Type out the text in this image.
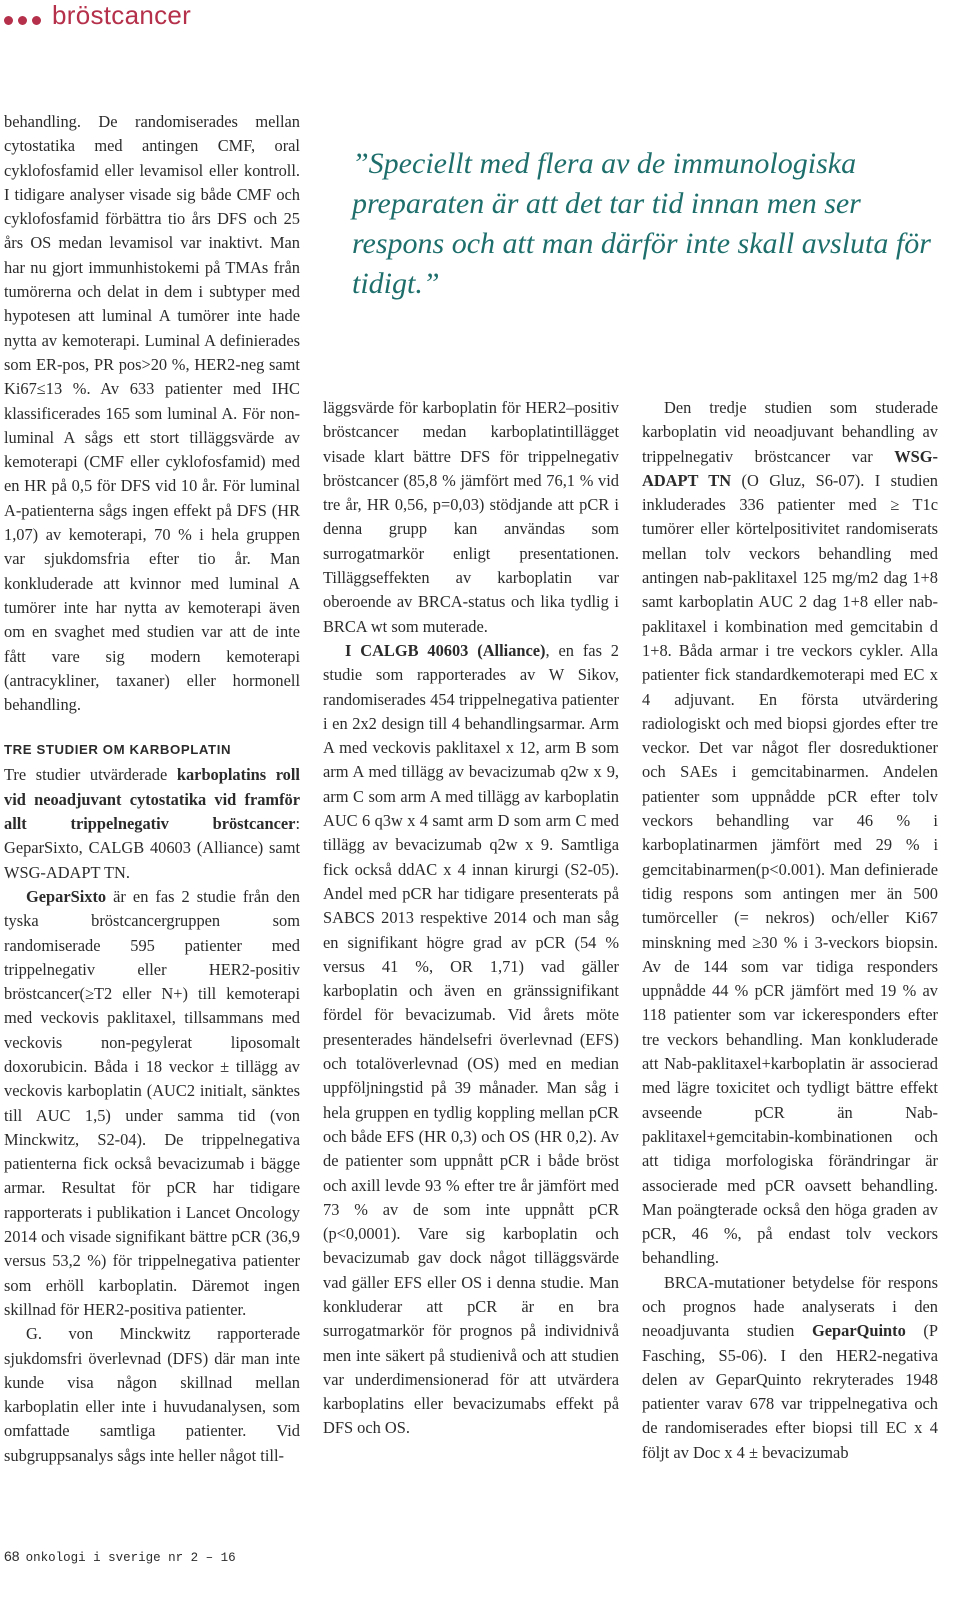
bröstcancer

behandling. De randomiserades mellan cytostatika med antingen CMF, oral cyklofosfamid eller levamisol eller kontroll. I tidigare analyser visade sig både CMF och cyklofosfamid förbättra tio års DFS och 25 års OS medan levamisol var inaktivt. Man har nu gjort immunhistokemi på TMAs från tumörerna och delat in dem i subtyper med hypotesen att luminal A tumörer inte hade nytta av kemoterapi. Luminal A definierades som ER-pos, PR pos>20 %, HER2-neg samt Ki67≤13 %. Av 633 patienter med IHC klassificerades 165 som luminal A. För non-luminal A sågs ett stort tilläggsvärde av kemoterapi (CMF eller cyklofosfamid) med en HR på 0,5 för DFS vid 10 år. För luminal A-patienterna sågs ingen effekt på DFS (HR 1,07) av kemoterapi, 70 % i hela gruppen var sjukdomsfria efter tio år. Man konkluderade att kvinnor med luminal A tumörer inte har nytta av kemoterapi även om en svaghet med studien var att de inte fått vare sig modern kemoterapi (antracykliner, taxaner) eller hormonell behandling.

TRE STUDIER OM KARBOPLATIN

Tre studier utvärderade karboplatins roll vid neoadjuvant cytostatika vid framför allt trippelnegativ bröstcancer: GeparSixto, CALGB 40603 (Alliance) samt WSG-ADAPT TN.

GeparSixto är en fas 2 studie från den tyska bröstcancergruppen som randomiserade 595 patienter med trippelnegativ eller HER2-positiv bröstcancer(≥T2 eller N+) till kemoterapi med veckovis paklitaxel, tillsammans med veckovis non-pegylerat liposomalt doxorubicin. Båda i 18 veckor ± tillägg av veckovis karboplatin (AUC2 initialt, sänktes till AUC 1,5) under samma tid (von Minckwitz, S2-04). De trippelnegativa patienterna fick också bevacizumab i bägge armar. Resultat för pCR har tidigare rapporterats i publikation i Lancet Oncology 2014 och visade signifikant bättre pCR (36,9 versus 53,2 %) för trippelnegativa patienter som erhöll karboplatin. Däremot ingen skillnad för HER2-positiva patienter.

G. von Minckwitz rapporterade sjukdomsfri överlevnad (DFS) där man inte kunde visa någon skillnad mellan karboplatin eller inte i huvudanalysen, som omfattade samtliga patienter. Vid subgruppsanalys sågs inte heller något till-

”Speciellt med flera av de immunologiska preparaten är att det tar tid innan men ser respons och att man därför inte skall avsluta för tidigt.”

läggsvärde för karboplatin för HER2–positiv bröstcancer medan karboplatintillägget visade klart bättre DFS för trippelnegativ bröstcancer (85,8 % jämfört med 76,1 % vid tre år, HR 0,56, p=0,03) stödjande att pCR i denna grupp kan användas som surrogatmarkör enligt presentationen. Tilläggseffekten av karboplatin var oberoende av BRCA-status och lika tydlig i BRCA wt som muterade.

I CALGB 40603 (Alliance), en fas 2 studie som rapporterades av W Sikov, randomiserades 454 trippelnegativa patienter i en 2x2 design till 4 behandlingsarmar. Arm A med veckovis paklitaxel x 12, arm B som arm A med tillägg av bevacizumab q2w x 9, arm C som arm A med tillägg av karboplatin AUC 6 q3w x 4 samt arm D som arm C med tillägg av bevacizumab q2w x 9. Samtliga fick också ddAC x 4 innan kirurgi (S2-05). Andel med pCR har tidigare presenterats på SABCS 2013 respektive 2014 och man såg en signifikant högre grad av pCR (54 % versus 41 %, OR 1,71) vad gäller karboplatin och även en gränssignifikant fördel för bevacizumab. Vid årets möte presenterades händelsefri överlevnad (EFS) och totalöverlevnad (OS) med en median uppföljningstid på 39 månader. Man såg i hela gruppen en tydlig koppling mellan pCR och både EFS (HR 0,3) och OS (HR 0,2). Av de patienter som uppnått pCR i både bröst och axill levde 93 % efter tre år jämfört med 73 % av de som inte uppnått pCR (p<0,0001). Vare sig karboplatin och bevacizumab gav dock något tilläggsvärde vad gäller EFS eller OS i denna studie. Man konkluderar att pCR är en bra surrogatmarkör för prognos på individnivå men inte säkert på studienivå och att studien var underdimensionerad för att utvärdera karboplatins eller bevacizumabs effekt på DFS och OS.

Den tredje studien som studerade karboplatin vid neoadjuvant behandling av trippelnegativ bröstcancer var WSG-ADAPT TN (O Gluz, S6-07). I studien inkluderades 336 patienter med ≥ T1c tumörer eller körtelpositivitet randomiserats mellan tolv veckors behandling med antingen nab-paklitaxel 125 mg/m2 dag 1+8 samt karboplatin AUC 2 dag 1+8 eller nab-paklitaxel i kombination med gemcitabin d 1+8. Båda armar i tre veckors cykler. Alla patienter fick standardkemoterapi med EC x 4 adjuvant. En första utvärdering radiologiskt och med biopsi gjordes efter tre veckor. Det var något fler dosreduktioner och SAEs i gemcitabinarmen. Andelen patienter som uppnådde pCR efter tolv veckors behandling var 46 % i karboplatinarmen jämfört med 29 % i gemcitabinarmen(p<0.001). Man definierade tidig respons som antingen mer än 500 tumörceller (= nekros) och/eller Ki67 minskning med ≥30 % i 3-veckors biopsin. Av de 144 som var tidiga responders uppnådde 44 % pCR jämfört med 19 % av 118 patienter som var ickeresponders efter tre veckors behandling. Man konkluderade att Nab-paklitaxel+karboplatin är associerad med lägre toxicitet och tydligt bättre effekt avseende pCR än Nab-paklitaxel+gemcitabin-kombinationen och att tidiga morfologiska förändringar är associerade med pCR oavsett behandling. Man poängterade också den höga graden av pCR, 46 %, på endast tolv veckors behandling.

BRCA-mutationer betydelse för respons och prognos hade analyserats i den neoadjuvanta studien GeparQuinto (P Fasching, S5-06). I den HER2-negativa delen av GeparQuinto rekryterades 1948 patienter varav 678 var trippelnegativa och de randomiserades efter biopsi till EC x 4 följt av Doc x 4 ± bevacizumab

68 onkologi i sverige nr 2 – 16
